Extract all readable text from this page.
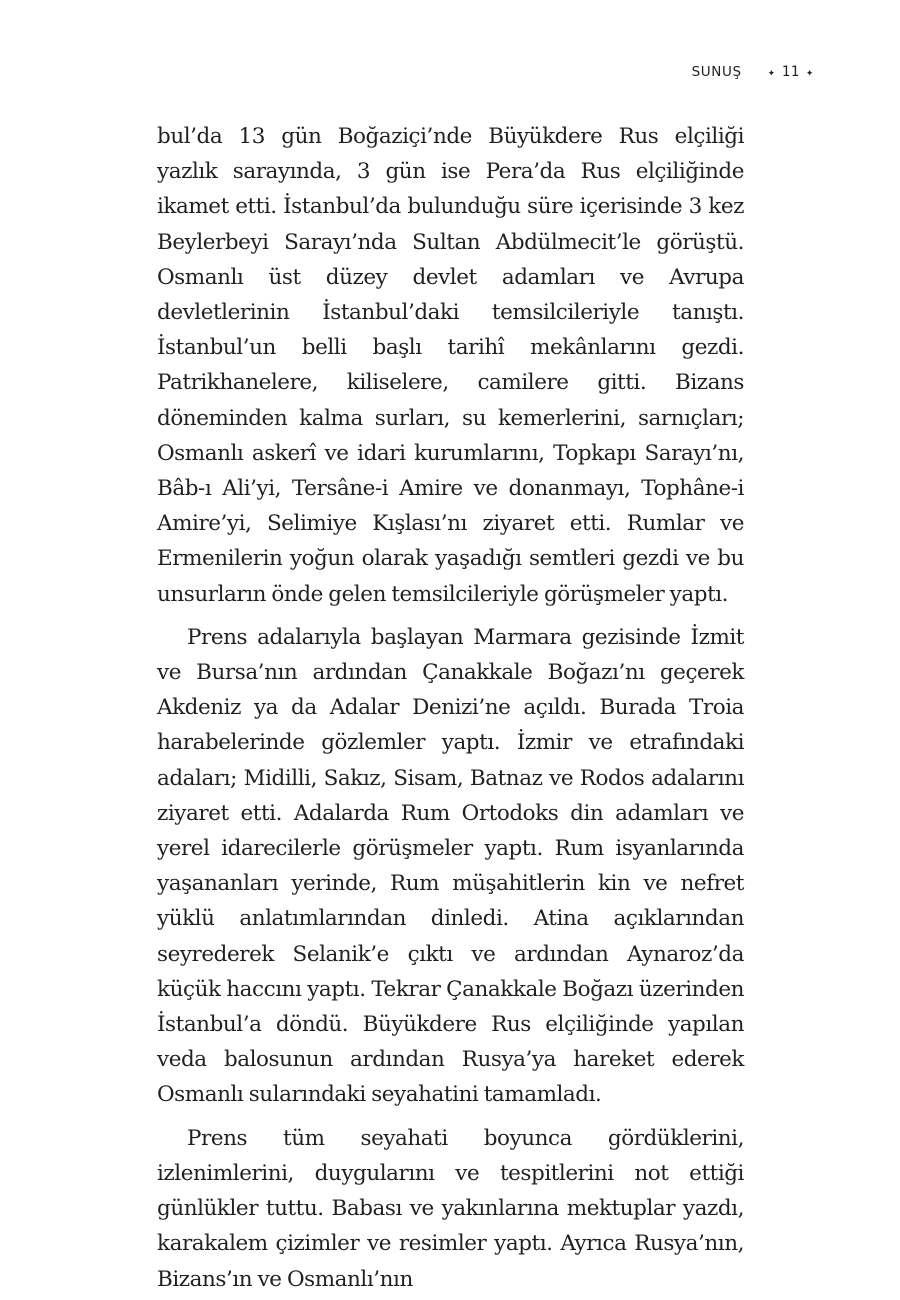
SUNUŞ	✦ 11 ✦

bul’da 13 gün Boğaziçi’nde Büyükdere Rus elçiliği yazlık sarayında, 3 gün ise Pera’da Rus elçiliğinde ikamet etti. İstanbul’da bulunduğu süre içerisinde 3 kez Beylerbeyi Sarayı’nda Sultan Abdülmecit’le görüştü. Osmanlı üst düzey devlet adamları ve Avrupa devletlerinin İstanbul’daki temsilcileriyle tanıştı. İstanbul’un belli başlı tarihî mekânlarını gezdi. Patrikhanelere, kiliselere, camilere gitti. Bizans döneminden kalma surları, su kemerlerini, sarnıçları; Osmanlı askerî ve idari kurumlarını, Topkapı Sarayı’nı, Bâb-ı Ali’yi, Tersâne-i Amire ve donanmayı, Tophâne-i Amire’yi, Selimiye Kışlası’nı ziyaret etti. Rumlar ve Ermenilerin yoğun olarak yaşadığı semtleri gezdi ve bu unsurların önde gelen temsilcileriyle görüşmeler yaptı.

Prens adalarıyla başlayan Marmara gezisinde İzmit ve Bursa’nın ardından Çanakkale Boğazı’nı geçerek Akdeniz ya da Adalar Denizi’ne açıldı. Burada Troia harabelerinde gözlemler yaptı. İzmir ve etrafındaki adaları; Midilli, Sakız, Sisam, Batnaz ve Rodos adalarını ziyaret etti. Adalarda Rum Ortodoks din adamları ve yerel idarecilerle görüşmeler yaptı. Rum isyanlarında yaşananları yerinde, Rum müşahitlerin kin ve nefret yüklü anlatımlarından dinledi. Atina açıklarından seyrederek Selanik’e çıktı ve ardından Aynaroz’da küçük haccını yaptı. Tekrar Çanakkale Boğazı üzerinden İstanbul’a döndü. Büyükdere Rus elçiliğinde yapılan veda balosunun ardından Rusya’ya hareket ederek Osmanlı sularındaki seyahatini tamamladı.

Prens tüm seyahati boyunca gördüklerini, izlenimlerini, duygularını ve tespitlerini not ettiği günlükler tuttu. Babası ve yakınlarına mektuplar yazdı, karakalem çizimler ve resimler yaptı. Ayrıca Rusya’nın, Bizans’ın ve Osmanlı’nın
